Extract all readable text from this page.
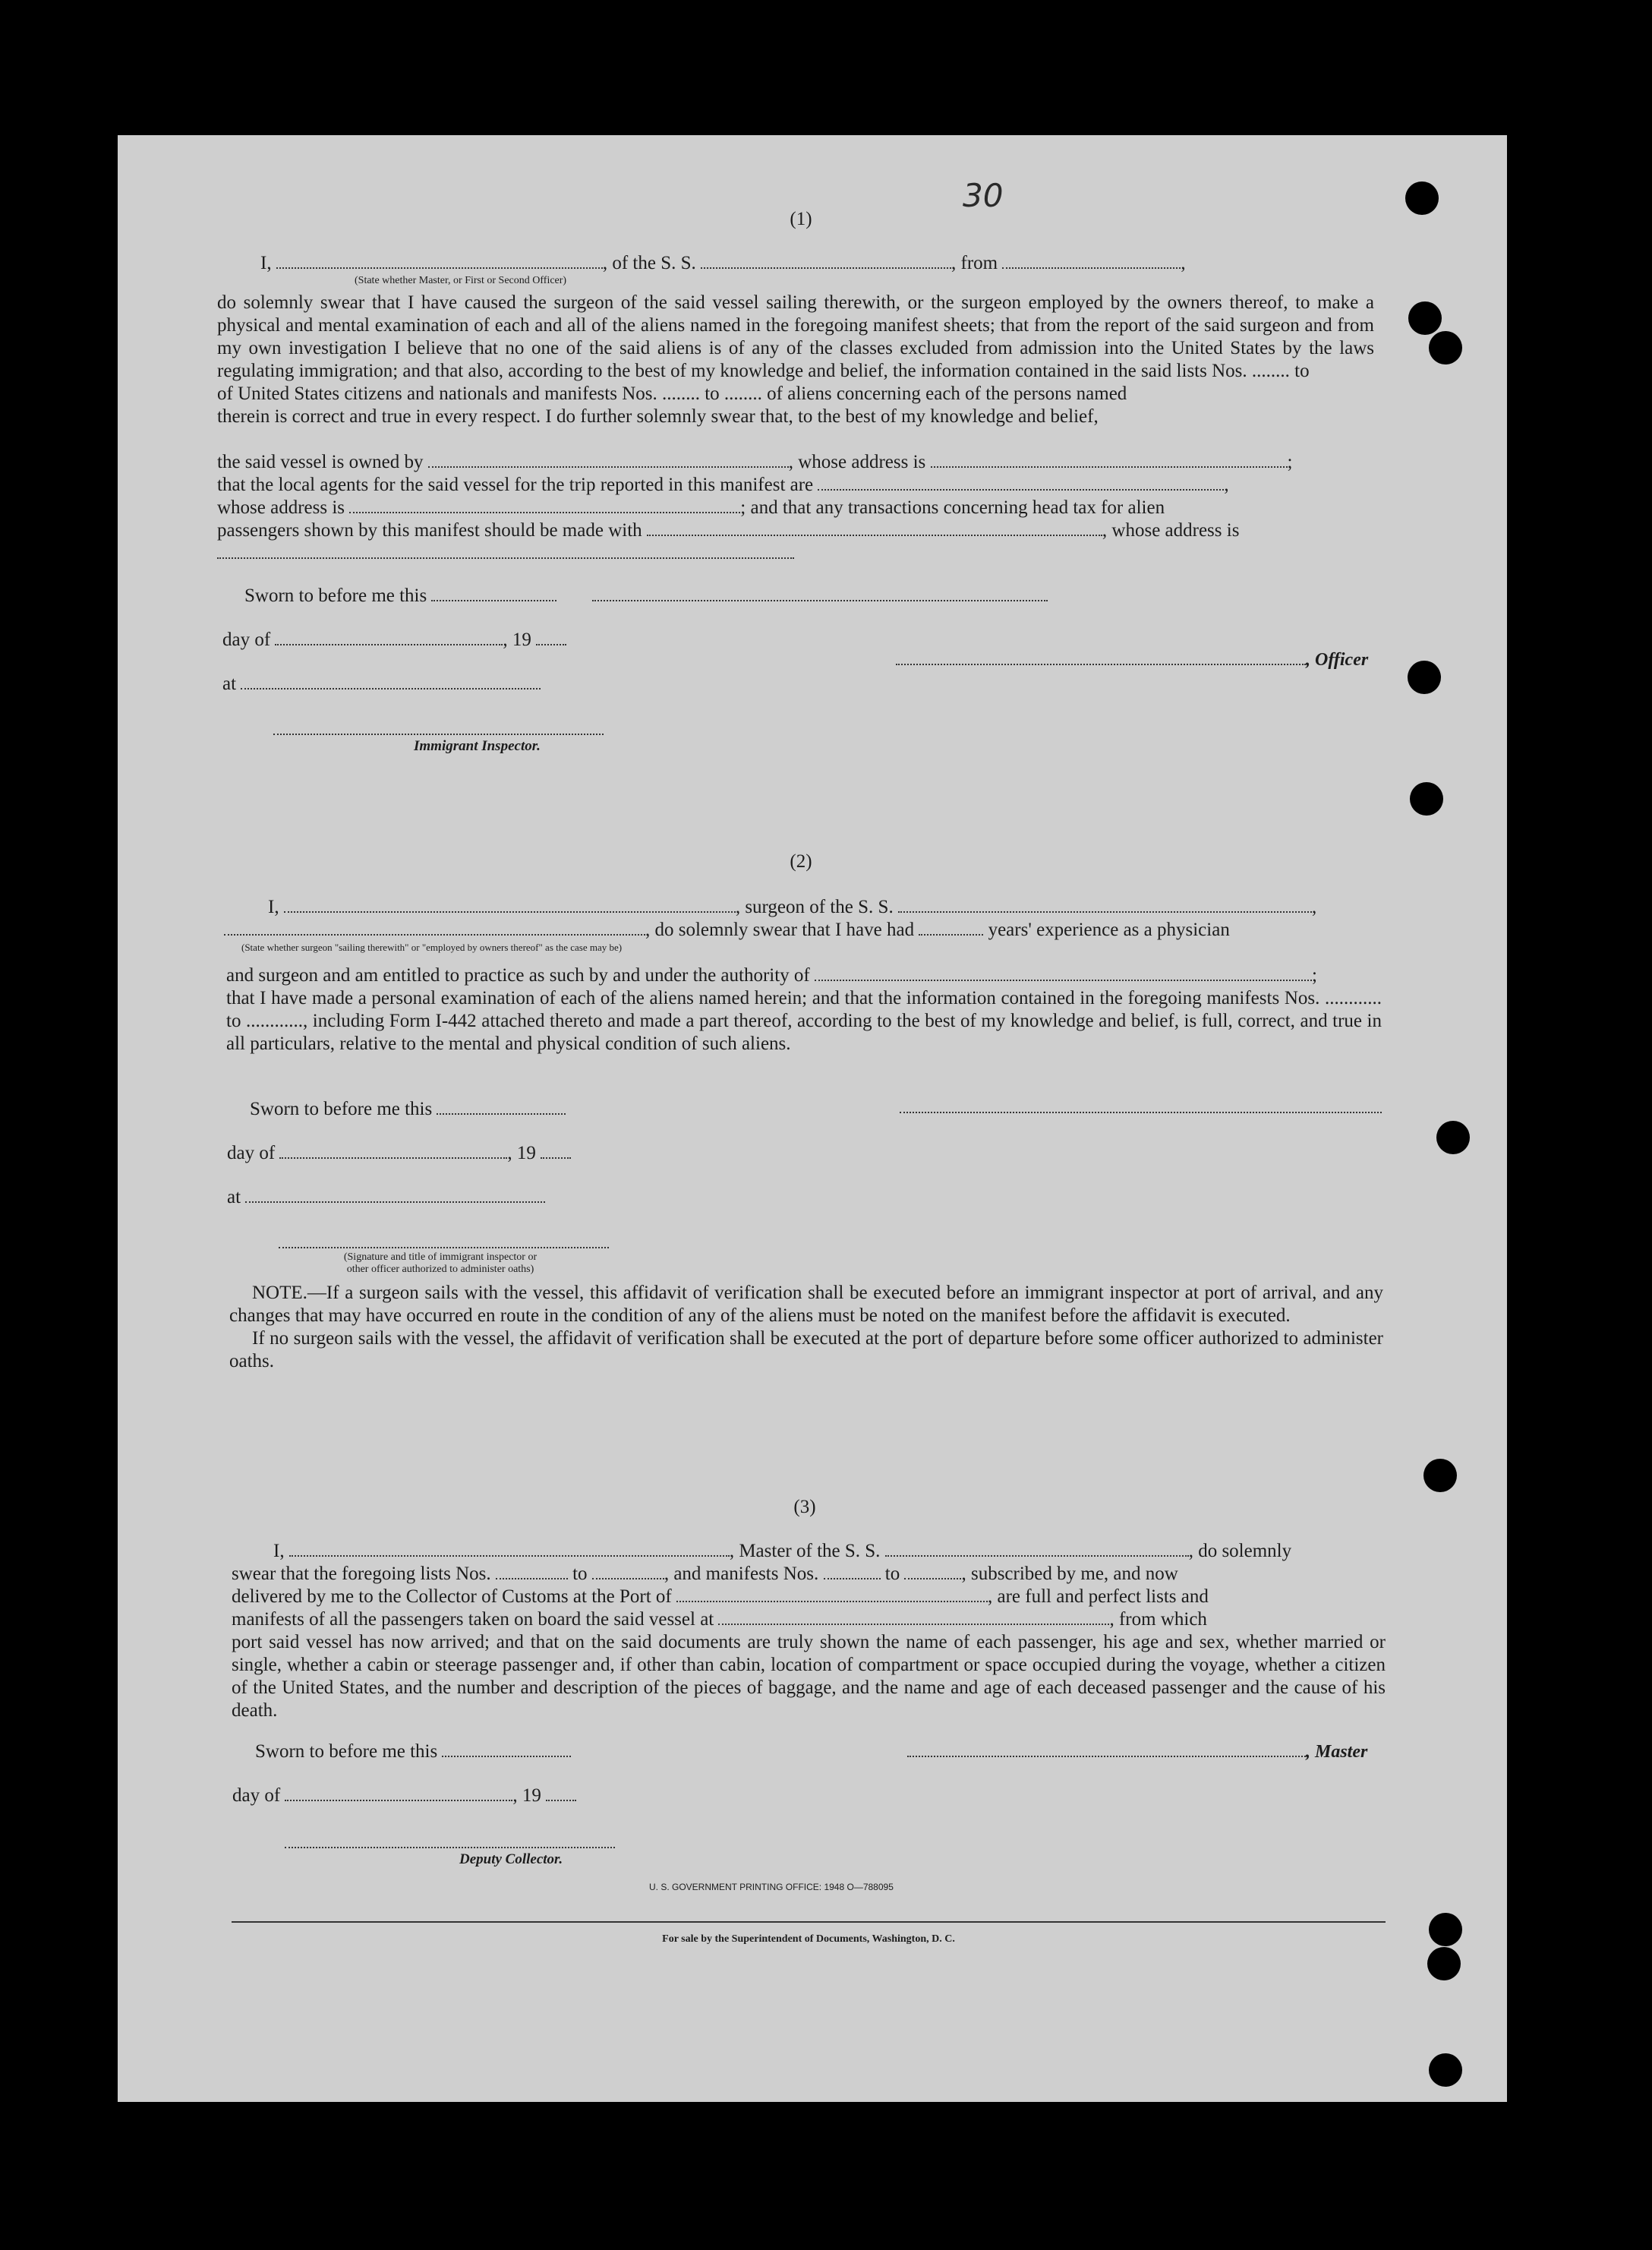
30
(1)
I,	, of the S. S.	, from	,
(State whether Master, or First or Second Officer)

do solemnly swear that I have caused the surgeon of the said vessel sailing therewith, or the surgeon employed by the owners thereof, to make a physical and mental examination of each and all of the aliens named in the foregoing manifest sheets; that from the report of the said surgeon and from my own investigation I believe that no one of the said aliens is of any of the classes excluded from admission into the United States by the laws regulating immigration; and that also, according to the best of my knowledge and belief, the information contained in the said lists Nos. ........ to

of United States citizens and nationals and manifests Nos. ........ to ........ of aliens concerning each of the persons named

therein is correct and true in every respect. I do further solemnly swear that, to the best of my knowledge and belief,

the said vessel is owned by	, whose address is	;
that the local agents for the said vessel for the trip reported in this manifest are	,
whose address is	; and that any transactions concerning head tax for alien
passengers shown by this manifest should be made with	, whose address is
Sworn to before me this
day of	, 19
at
Immigrant Inspector.
, Officer
(2)
I,	, surgeon of the S. S.	,
, do solemnly swear that I have had	years' experience as a physician
(State whether surgeon "sailing therewith" or "employed by owners thereof" as the case may be)
and surgeon and am entitled to practice as such by and under the authority of	;

that I have made a personal examination of each of the aliens named herein; and that the information contained in the foregoing manifests Nos. ............ to ............, including Form I-442 attached thereto and made a part thereof, according to the best of my knowledge and belief, is full, correct, and true in all particulars, relative to the mental and physical condition of such aliens.

Sworn to before me this
day of	, 19
at
(Signature and title of immigrant inspector or
other officer authorized to administer oaths)

NOTE.—If a surgeon sails with the vessel, this affidavit of verification shall be executed before an immigrant inspector at port of arrival, and any changes that may have occurred en route in the condition of any of the aliens must be noted on the manifest before the affidavit is executed.

If no surgeon sails with the vessel, the affidavit of verification shall be executed at the port of departure before some officer authorized to administer oaths.

(3)
I,	, Master of the S. S.	, do solemnly
swear that the foregoing lists Nos.	to	, and manifests Nos.	to	, subscribed by me, and now
delivered by me to the Collector of Customs at the Port of	, are full and perfect lists and
manifests of all the passengers taken on board the said vessel at	, from which

port said vessel has now arrived; and that on the said documents are truly shown the name of each passenger, his age and sex, whether married or single, whether a cabin or steerage passenger and, if other than cabin, location of compartment or space occupied during the voyage, whether a citizen of the United States, and the number and description of the pieces of baggage, and the name and age of each deceased passenger and the cause of his death.

Sworn to before me this	, Master
day of	, 19
Deputy Collector.
U. S. GOVERNMENT PRINTING OFFICE: 1948 O—788095
For sale by the Superintendent of Documents, Washington, D. C.
